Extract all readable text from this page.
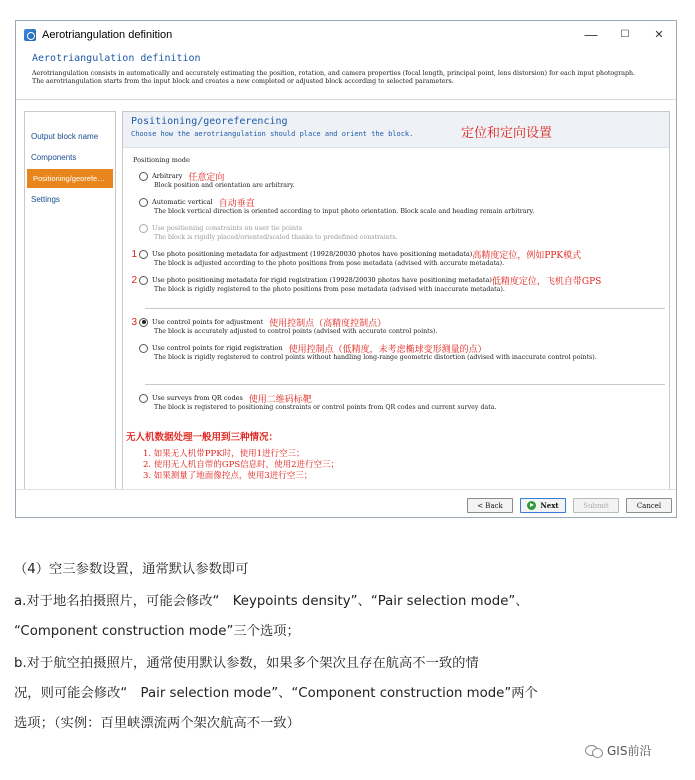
Aerotriangulation definition	—	☐	✕
Aerotriangulation definition
Aerotriangulation consists in automatically and accurately estimating the position, rotation, and camera properties (focal length, principal point, lens distorsion) for each input photograph.
The aerotriangulation starts from the input block and creates a new completed or adjusted block according to selected parameters.
Output block name
Components
Positioning/georefe…
Settings
Positioning/georeferencing
Choose how the aerotriangulation should place and orient the block.	定位和定向设置
Positioning mode
Arbitrary 任意定向
Block position and orientation are arbitrary.
Automatic vertical 自动垂直
The block vertical direction is oriented according to input photo orientation. Block scale and heading remain arbitrary.
Use positioning constraints on user tie points
The block is rigidly placed/oriented/scaled thanks to predefined constraints.
1	Use photo positioning metadata for adjustment (19928/20030 photos have positioning metadata) 高精度定位，例如PPK模式
The block is adjusted according to the photo positions from pose metadata (advised with accurate metadata).
2	Use photo positioning metadata for rigid registration (19928/20030 photos have positioning metadata) 低精度定位，飞机自带GPS
The block is rigidly registered to the photo positions from pose metadata (advised with inaccurate metadata).
3	Use control points for adjustment 使用控制点（高精度控制点）
The block is accurately adjusted to control points (advised with accurate control points).
Use control points for rigid registration 使用控制点（低精度，未考虑椭球变形测量的点）
The block is rigidly registered to control points without handling long-range geometric distortion (advised with inaccurate control points).
Use surveys from QR codes 使用二维码标靶
The block is registered to positioning constraints or control points from QR codes and current survey data.
无人机数据处理一般用到三种情况：
1. 如果无人机带PPK时，使用1进行空三；
2. 使用无人机自带的GPS信息时，使用2进行空三；
3. 如果测量了地面像控点，使用3进行空三；
< Back	Next	Submit	Cancel
（4）空三参数设置，通常默认参数即可
a.对于地名拍摄照片，可能会修改“　Keypoints density”、“Pair selection mode”、
“Component construction mode”三个选项；
b.对于航空拍摄照片，通常使用默认参数，如果多个架次且存在航高不一致的情
况，则可能会修改“　Pair selection mode”、“Component construction mode”两个
选项；（实例：百里峡漂流两个架次航高不一致）
GIS前沿
